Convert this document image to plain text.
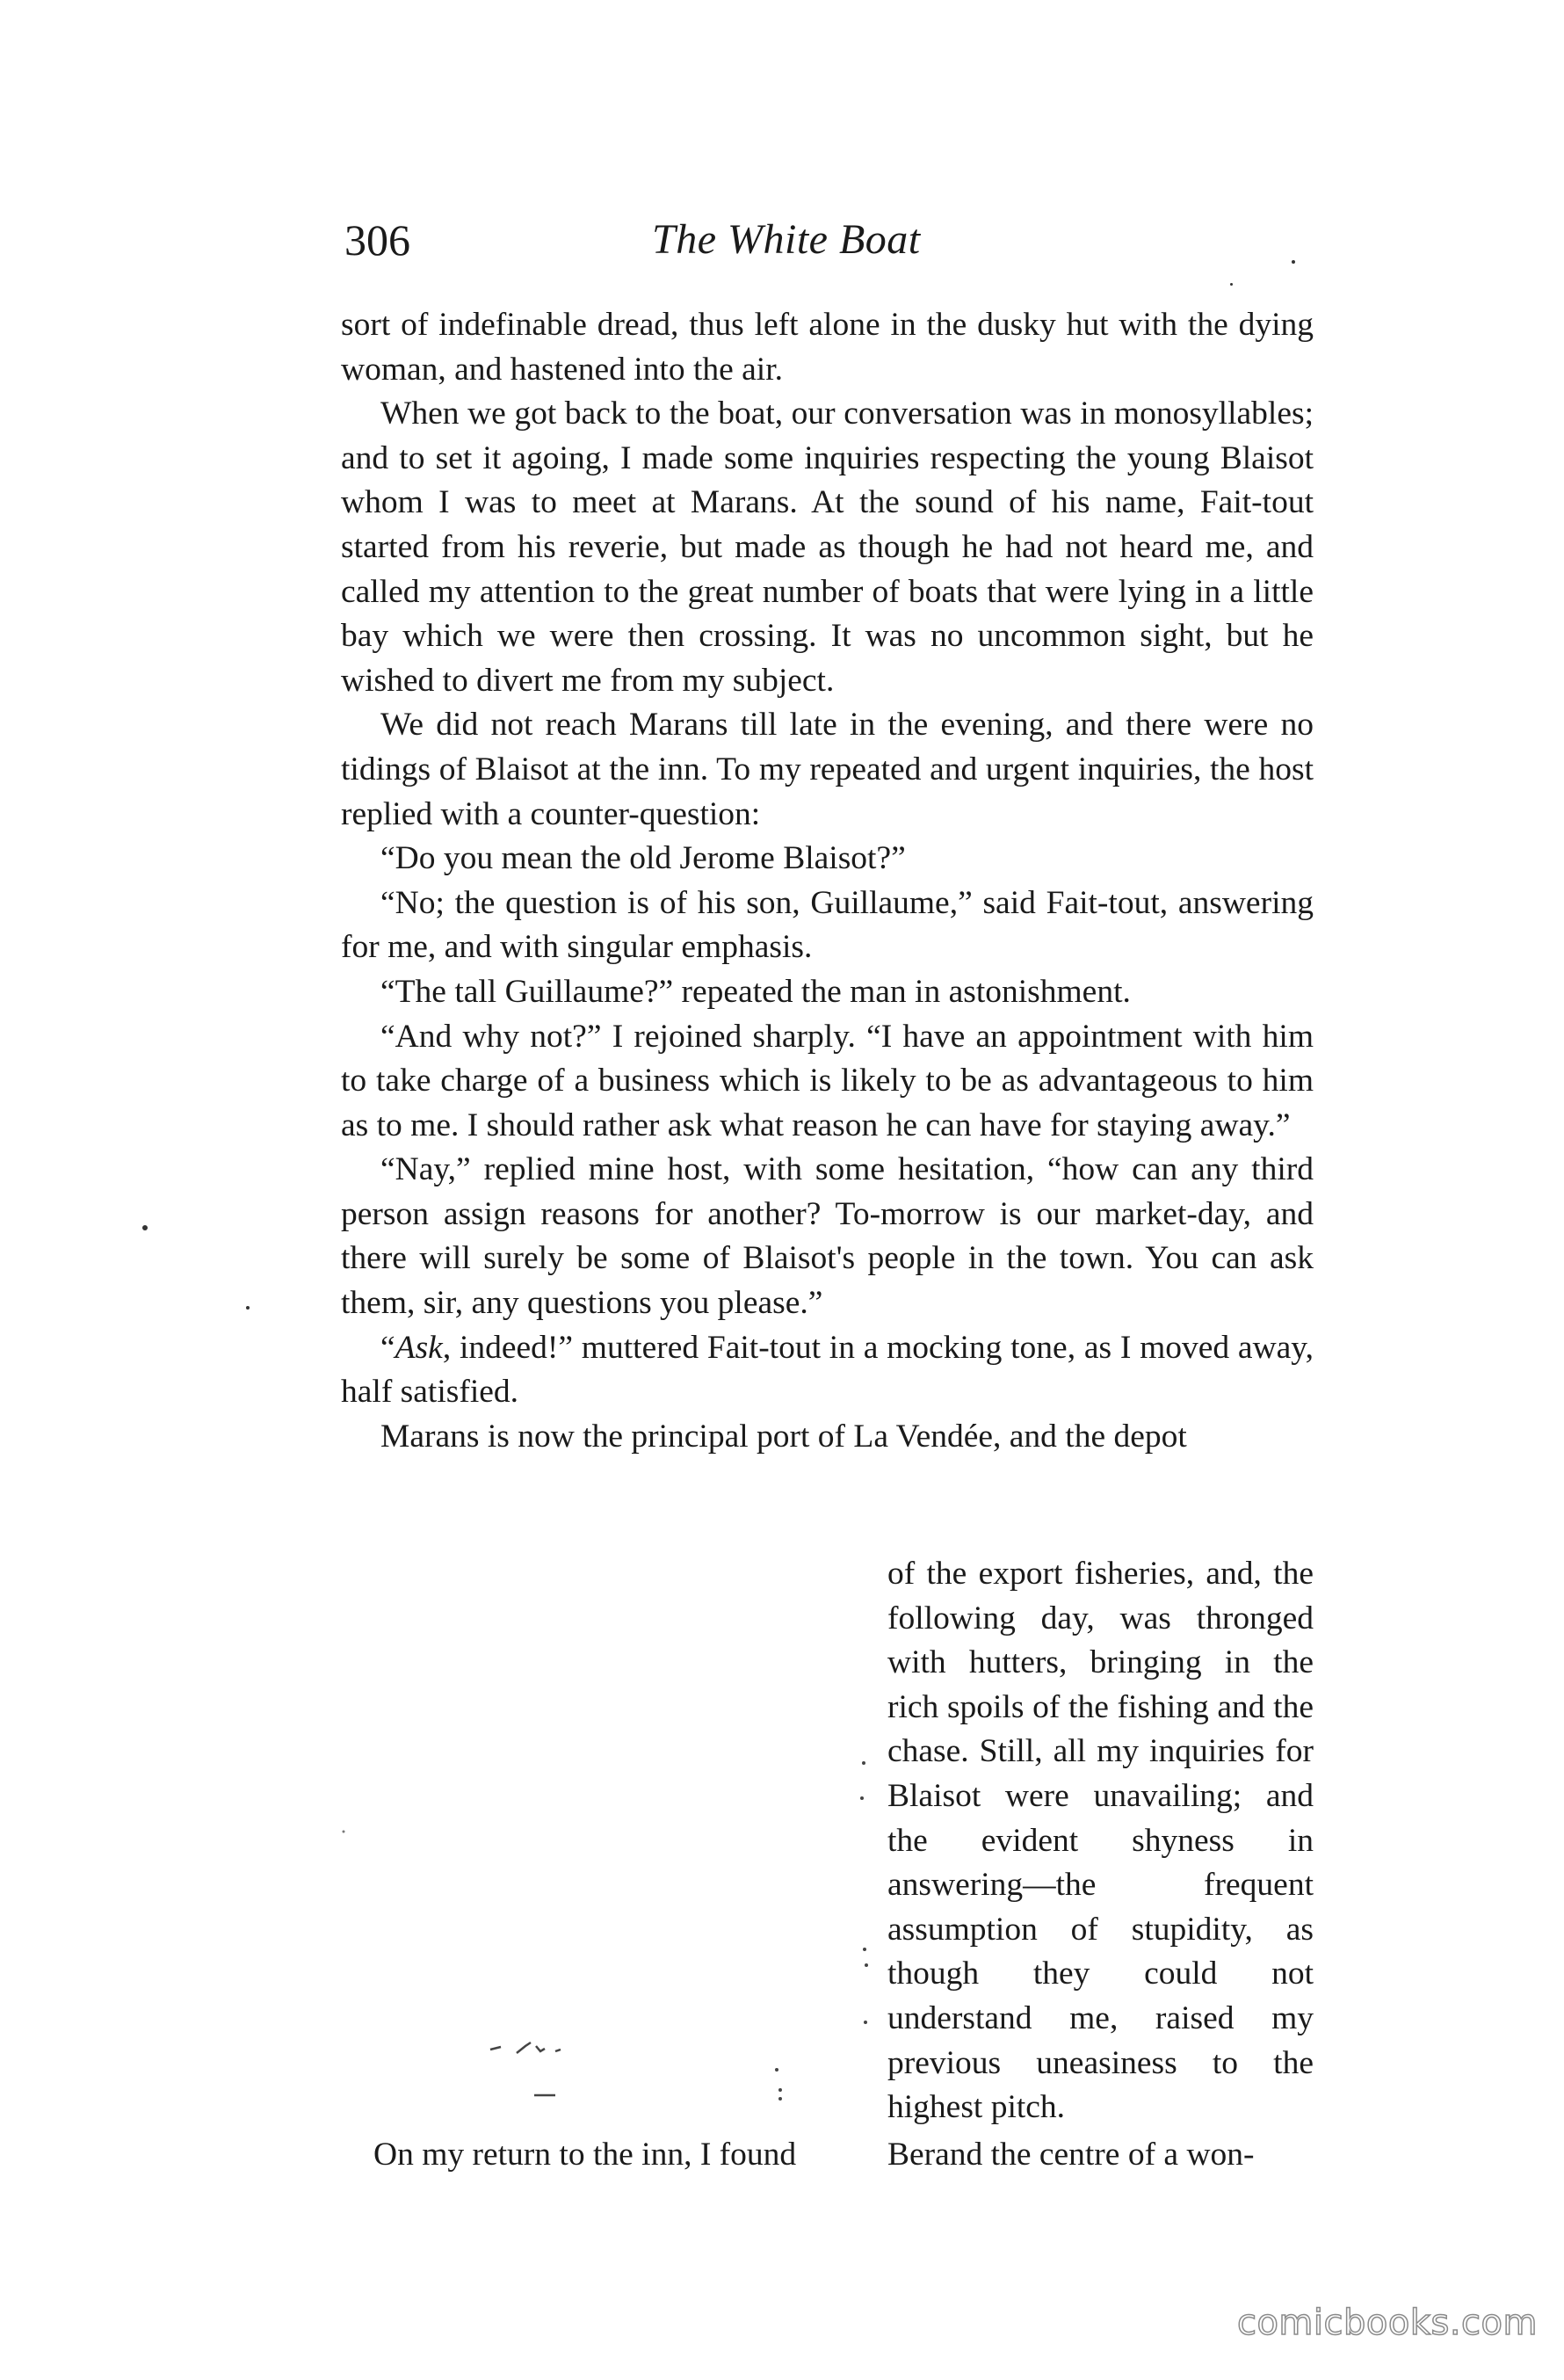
306	The White Boat

sort of indefinable dread, thus left alone in the dusky hut with the dying woman, and hastened into the air.

When we got back to the boat, our conversation was in monosyllables; and to set it agoing, I made some inquiries respecting the young Blaisot whom I was to meet at Marans. At the sound of his name, Fait-tout started from his reverie, but made as though he had not heard me, and called my attention to the great number of boats that were lying in a little bay which we were then crossing. It was no uncommon sight, but he wished to divert me from my subject.

We did not reach Marans till late in the evening, and there were no tidings of Blaisot at the inn. To my repeated and urgent inquiries, the host replied with a counter-question:

“Do you mean the old Jerome Blaisot?”

“No; the question is of his son, Guillaume,” said Fait-tout, answering for me, and with singular emphasis.

“The tall Guillaume?” repeated the man in astonishment.

“And why not?” I rejoined sharply. “I have an appointment with him to take charge of a business which is likely to be as advantageous to him as to me. I should rather ask what reason he can have for staying away.”

“Nay,” replied mine host, with some hesitation, “how can any third person assign reasons for another? To-morrow is our market-day, and there will surely be some of Blaisot's people in the town. You can ask them, sir, any questions you please.”

“Ask, indeed!” muttered Fait-tout in a mocking tone, as I moved away, half satisfied.

Marans is now the principal port of La Vendée, and the depot

of the export fisheries, and, the following day, was thronged with hutters, bringing in the rich spoils of the fishing and the chase. Still, all my inquiries for Blaisot were unavailing; and the evident shyness in answering—the frequent assumption of stupidity, as though they could not understand me, raised my previous uneasiness to the highest pitch.

On my return to the inn, I found	Berand the centre of a won-
comicbooks.com
